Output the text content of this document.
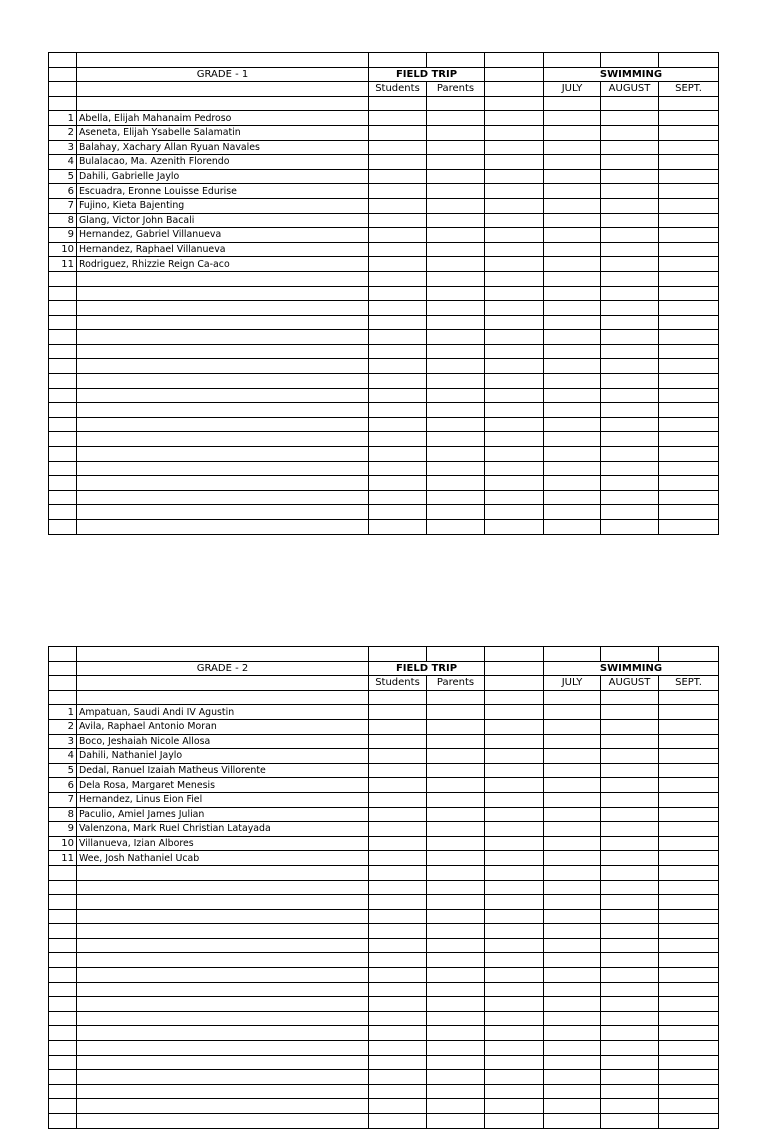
	GRADE - 1	FIELD TRIP			SWIMMING		
		Students	Parents		JULY	AUGUST	SEPT.

1	Abella, Elijah Mahanaim Pedroso						
2	Aseneta, Elijah Ysabelle Salamatin						
3	Balahay, Xachary Allan Ryuan Navales						
4	Bulalacao, Ma. Azenith Florendo						
5	Dahili, Gabrielle Jaylo						
6	Escuadra, Eronne Louisse Edurise						
7	Fujino, Kieta Bajenting						
8	Glang, Victor John Bacali						
9	Hernandez, Gabriel Villanueva						
10	Hernandez, Raphael Villanueva						
11	Rodriguez, Rhizzie Reign Ca-aco						

	GRADE - 2	FIELD TRIP			SWIMMING		
		Students	Parents		JULY	AUGUST	SEPT.

1	Ampatuan, Saudi Andi IV Agustin						
2	Avila, Raphael Antonio Moran						
3	Boco, Jeshaiah Nicole Allosa						
4	Dahili, Nathaniel Jaylo						
5	Dedal, Ranuel Izaiah Matheus Villorente						
6	Dela Rosa, Margaret Menesis						
7	Hernandez, Linus Eion Fiel						
8	Paculio, Amiel James Julian						
9	Valenzona, Mark Ruel Christian Latayada						
10	Villanueva, Izian Albores						
11	Wee, Josh Nathaniel Ucab						
